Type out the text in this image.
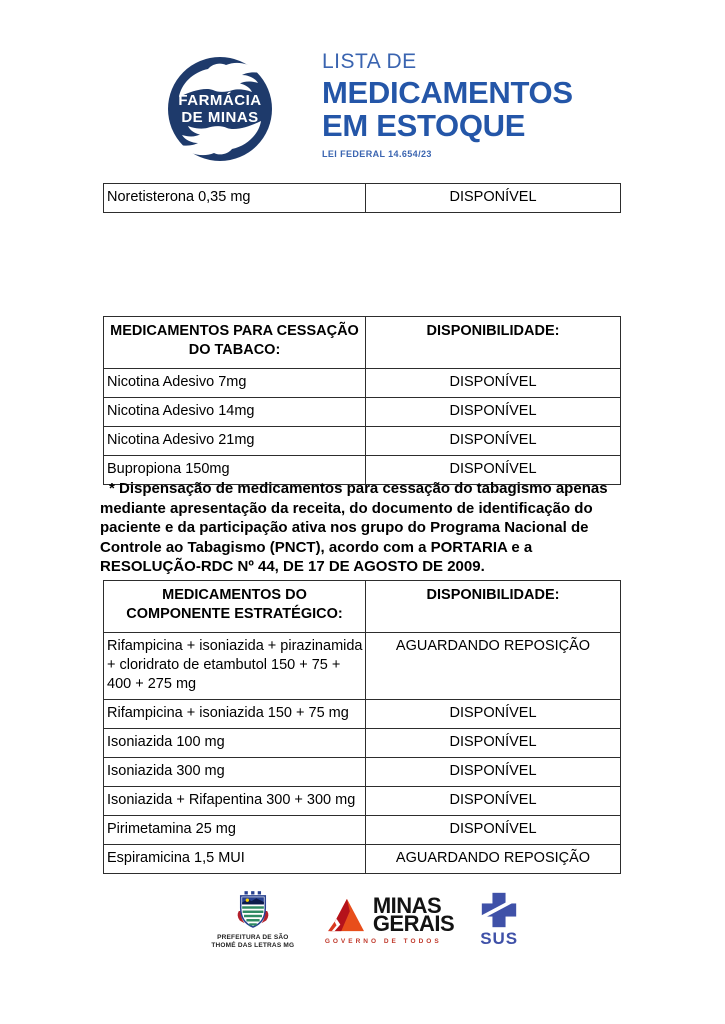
FARMÁCIA
DE MINAS
LISTA DE
MEDICAMENTOS
EM ESTOQUE
LEI FEDERAL 14.654/23
Noretisterona 0,35 mg	DISPONÍVEL
MEDICAMENTOS PARA CESSAÇÃO DO TABACO:	DISPONIBILIDADE:
Nicotina Adesivo 7mg	DISPONÍVEL
Nicotina Adesivo 14mg	DISPONÍVEL
Nicotina Adesivo 21mg	DISPONÍVEL
Bupropiona 150mg	DISPONÍVEL

* Dispensação de medicamentos para cessação do tabagismo apenas mediante apresentação da receita, do documento de identificação do paciente e da participação ativa nos grupo do Programa Nacional de Controle ao Tabagismo (PNCT), acordo com a PORTARIA e a RESOLUÇÃO-RDC Nº 44, DE 17 DE AGOSTO DE 2009.

MEDICAMENTOS DO COMPONENTE ESTRATÉGICO:	DISPONIBILIDADE:
Rifampicina + isoniazida + pirazinamida + cloridrato de etambutol 150 + 75 + 400 + 275 mg	AGUARDANDO REPOSIÇÃO
Rifampicina + isoniazida 150 + 75 mg	DISPONÍVEL
Isoniazida 100 mg	DISPONÍVEL
Isoniazida 300 mg	DISPONÍVEL
Isoniazida + Rifapentina 300 + 300 mg	DISPONÍVEL
Pirimetamina 25 mg	DISPONÍVEL
Espiramicina 1,5 MUI	AGUARDANDO REPOSIÇÃO
PREFEITURA DE SÃO
THOMÉ DAS LETRAS MG
MINAS
GERAIS
GOVERNO DE TODOS	SUS
